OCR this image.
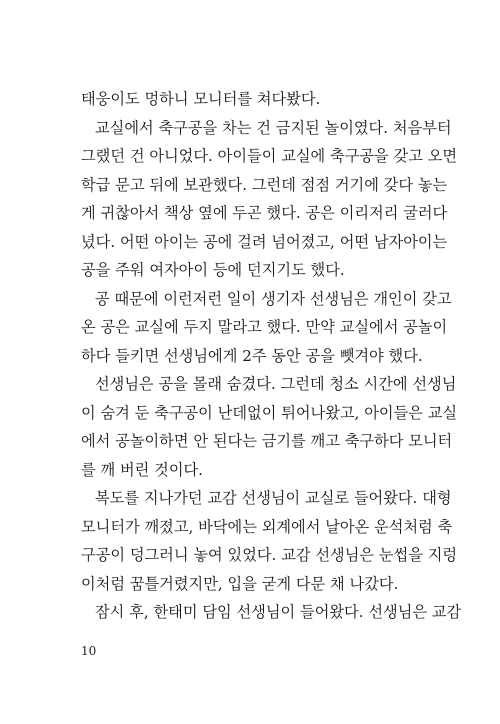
태웅이도 멍하니 모니터를 쳐다봤다.
교실에서 축구공을 차는 건 금지된 놀이였다. 처음부터
그랬던 건 아니었다. 아이들이 교실에 축구공을 갖고 오면
학급 문고 뒤에 보관했다. 그런데 점점 거기에 갖다 놓는
게 귀찮아서 책상 옆에 두곤 했다. 공은 이리저리 굴러다
녔다. 어떤 아이는 공에 걸려 넘어졌고, 어떤 남자아이는
공을 주워 여자아이 등에 던지기도 했다.
공 때문에 이런저런 일이 생기자 선생님은 개인이 갖고
온 공은 교실에 두지 말라고 했다. 만약 교실에서 공놀이
하다 들키면 선생님에게 2주 동안 공을 뺏겨야 했다.
선생님은 공을 몰래 숨겼다. 그런데 청소 시간에 선생님
이 숨겨 둔 축구공이 난데없이 튀어나왔고, 아이들은 교실
에서 공놀이하면 안 된다는 금기를 깨고 축구하다 모니터
를 깨 버린 것이다.
복도를 지나가던 교감 선생님이 교실로 들어왔다. 대형
모니터가 깨졌고, 바닥에는 외계에서 날아온 운석처럼 축
구공이 덩그러니 놓여 있었다. 교감 선생님은 눈썹을 지렁
이처럼 꿈틀거렸지만, 입을 굳게 다문 채 나갔다.
잠시 후, 한태미 담임 선생님이 들어왔다. 선생님은 교감
10
